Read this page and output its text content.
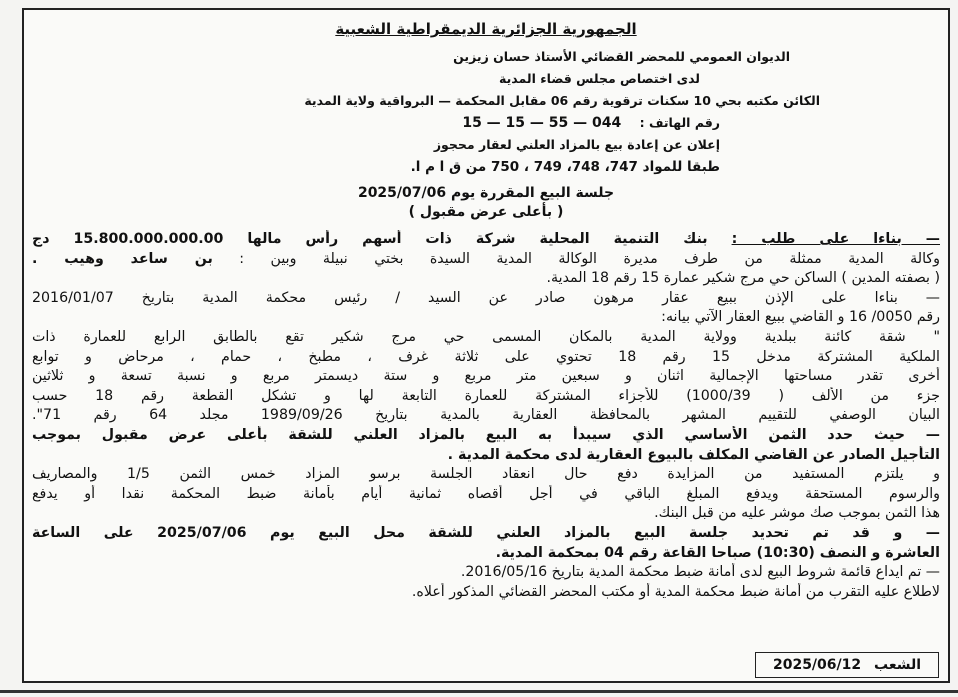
الجمهورية الجزائرية الديمقراطية الشعبية
الديوان العمومي للمحضر القضائي الأستاذ حسان زيزين
لدى اختصاص مجلس قضاء المدية
الكائن مكتبه بحي 10 سكنات ترقوية رقم 06 مقابل المحكمة — البرواقية ولاية المدية
رقم الهاتف : 15 — 15 — 55 — 044
إعلان عن إعادة بيع بالمزاد العلني لعقار محجوز
طبقا للمواد 747، 748، 749 ، 750 من ق ا م ا.
جلسة البيع المقررة يوم 2025/07/06
( بأعلى عرض مقبول )
— بناءا على طلب : بنك التنمية المحلية شركة ذات أسهم رأس مالها 15.800.000.000.00 دج
وكالة المدية ممثلة من طرف مديرة الوكالة المدية السيدة بختي نبيلة وبين : بن ساعد وهيب .
( بصفته المدين ) الساكن حي مرج شكير عمارة 15 رقم 18 المدية.
— بناءا على الإذن ببيع عقار مرهون صادر عن السيد / رئيس محكمة المدية بتاريخ 2016/01/07
رقم 0050/ 16 و القاضي ببيع العقار الآتي بيانه:
" شقة كائنة ببلدية وولاية المدية بالمكان المسمى حي مرج شكير تقع بالطابق الرابع للعمارة ذات
الملكية المشتركة مدخل 15 رقم 18 تحتوي على ثلاثة غرف ، مطبخ ، حمام ، مرحاض و توابع
أخرى تقدر مساحتها الإجمالية اثنان و سبعين متر مربع و ستة ديسمتر مربع و نسبة تسعة و ثلاثين
جزء من الألف ( 1000/39) للأجزاء المشتركة للعمارة التابعة لها و تشكل القطعة رقم 18 حسب
البيان الوصفي للتقييم المشهر بالمحافظة العقارية بالمدية بتاريخ 1989/09/26 مجلد 64 رقم 71".
— حيث حدد الثمن الأساسي الذي سيبدأ به البيع بالمزاد العلني للشقة بأعلى عرض مقبول بموجب
التأجيل الصادر عن القاضي المكلف بالبيوع العقارية لدى محكمة المدية .
و يلتزم المستفيد من المزايدة دفع حال انعقاد الجلسة برسو المزاد خمس الثمن 1/5 والمصاريف
والرسوم المستحقة ويدفع المبلغ الباقي في أجل أقصاه ثمانية أيام بأمانة ضبط المحكمة نقدا أو يدفع
هذا الثمن بموجب صك موشر عليه من قبل البنك.
— و قد تم تحديد جلسة البيع بالمزاد العلني للشقة محل البيع يوم 2025/07/06 على الساعة
العاشرة و النصف (10:30) صباحا القاعة رقم 04 بمحكمة المدية.
— تم ايداع قائمة شروط البيع لدى أمانة ضبط محكمة المدية بتاريخ 2016/05/16.
لاطلاع عليه التقرب من أمانة ضبط محكمة المدية أو مكتب المحضر القضائي المذكور أعلاه.
الشعب 2025/06/12
